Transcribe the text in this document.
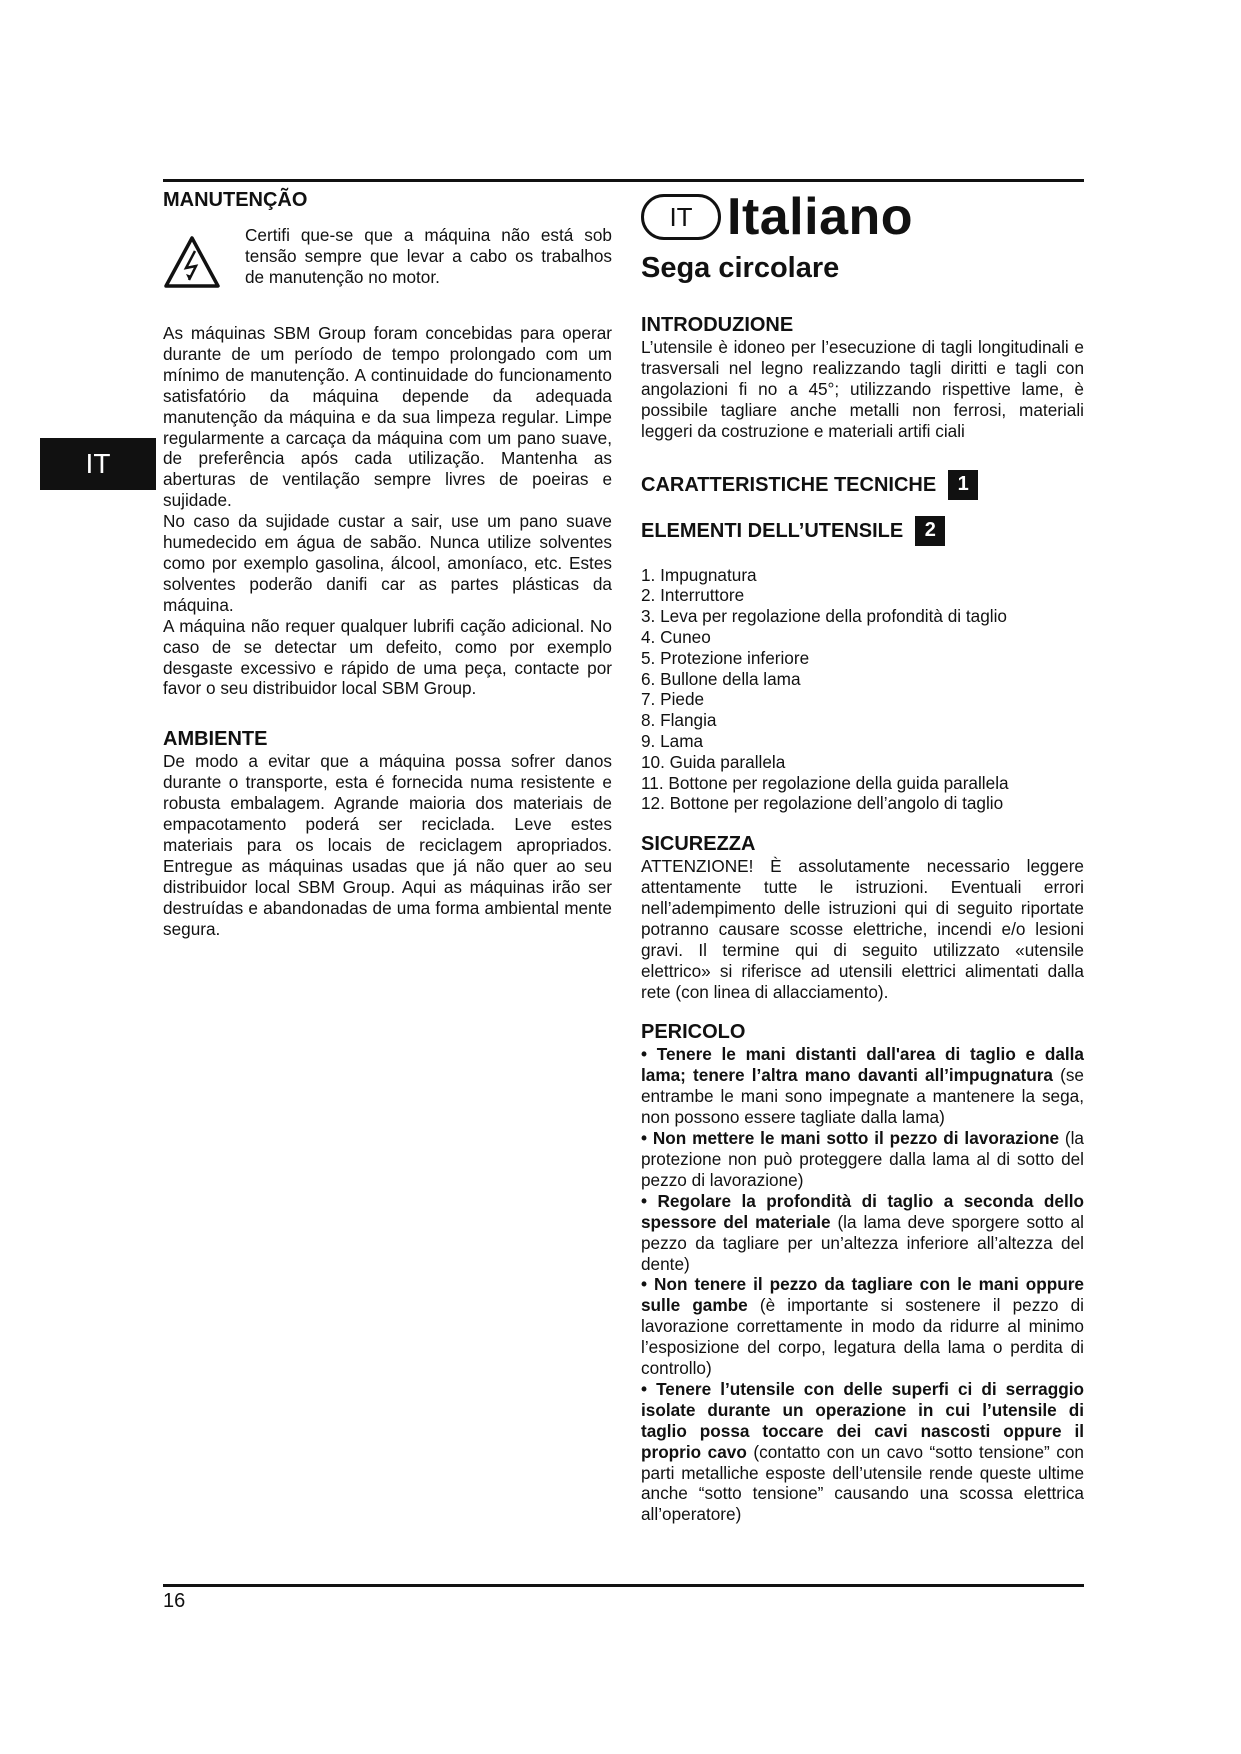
IT
MANUTENÇÃO

Certifi que-se que a máquina não está sob tensão sempre que levar a cabo os trabalhos de manutenção no motor.

As máquinas SBM Group foram concebidas para operar durante de um período de tempo prolongado com um mínimo de manutenção. A continuidade do funcionamento satisfatório da máquina depende da adequada manutenção da máquina e da sua limpeza regular. Limpe regularmente a carcaça da máquina com um pano suave, de preferência após cada utilização. Mantenha as aberturas de ventilação sempre livres de poeiras e sujidade.

No caso da sujidade custar a sair, use um pano suave humedecido em água de sabão. Nunca utilize solventes como por exemplo gasolina, álcool, amoníaco, etc. Estes solventes poderão danifi car as partes plásticas da máquina.

A máquina não requer qualquer lubrifi cação adicional. No caso de se detectar um defeito, como por exemplo desgaste excessivo e rápido de uma peça, contacte por favor o seu distribuidor local SBM Group.

AMBIENTE

De modo a evitar que a máquina possa sofrer danos durante o transporte, esta é fornecida numa resistente e robusta embalagem. Agrande maioria dos materiais de empacotamento poderá ser reciclada. Leve estes materiais para os locais de reciclagem apropriados. Entregue as máquinas usadas que já não quer ao seu distribuidor local SBM Group. Aqui as máquinas irão ser destruídas e abandonadas de uma forma ambiental mente segura.

IT Italiano
Sega circolare
INTRODUZIONE

L’utensile è idoneo per l’esecuzione di tagli longitudinali e trasversali nel legno realizzando tagli diritti e tagli con angolazioni fi no a 45°; utilizzando rispettive lame, è possibile tagliare anche metalli non ferrosi, materiali leggeri da costruzione e materiali artifi ciali

CARATTERISTICHE TECNICHE	1
ELEMENTI DELL’UTENSILE	2
1. Impugnatura
2. Interruttore
3. Leva per regolazione della profondità di taglio
4. Cuneo
5. Protezione inferiore
6. Bullone della lama
7. Piede
8. Flangia
9. Lama
10. Guida parallela
11. Bottone per regolazione della guida parallela
12. Bottone per regolazione dell’angolo di taglio
SICUREZZA

ATTENZIONE! È assolutamente necessario leggere attentamente tutte le istruzioni. Eventuali errori nell’adempimento delle istruzioni qui di seguito riportate potranno causare scosse elettriche, incendi e/o lesioni gravi. Il termine qui di seguito utilizzato «utensile elettrico» si riferisce ad utensili elettrici alimentati dalla rete (con linea di allacciamento).

PERICOLO

• Tenere le mani distanti dall'area di taglio e dalla lama; tenere l’altra mano davanti all’impugnatura (se entrambe le mani sono impegnate a mantenere la sega, non possono essere tagliate dalla lama)

• Non mettere le mani sotto il pezzo di lavorazione (la protezione non può proteggere dalla lama al di sotto del pezzo di lavorazione)

• Regolare la profondità di taglio a seconda dello spessore del materiale (la lama deve sporgere sotto al pezzo da tagliare per un’altezza inferiore all’altezza del dente)

• Non tenere il pezzo da tagliare con le mani oppure sulle gambe (è importante si sostenere il pezzo di lavorazione correttamente in modo da ridurre al minimo l’esposizione del corpo, legatura della lama o perdita di controllo)

• Tenere l’utensile con delle superfi ci di serraggio isolate durante un operazione in cui l’utensile di taglio possa toccare dei cavi nascosti oppure il proprio cavo (contatto con un cavo “sotto tensione” con parti metalliche esposte dell’utensile rende queste ultime anche “sotto tensione” causando una scossa elettrica all’operatore)

16
